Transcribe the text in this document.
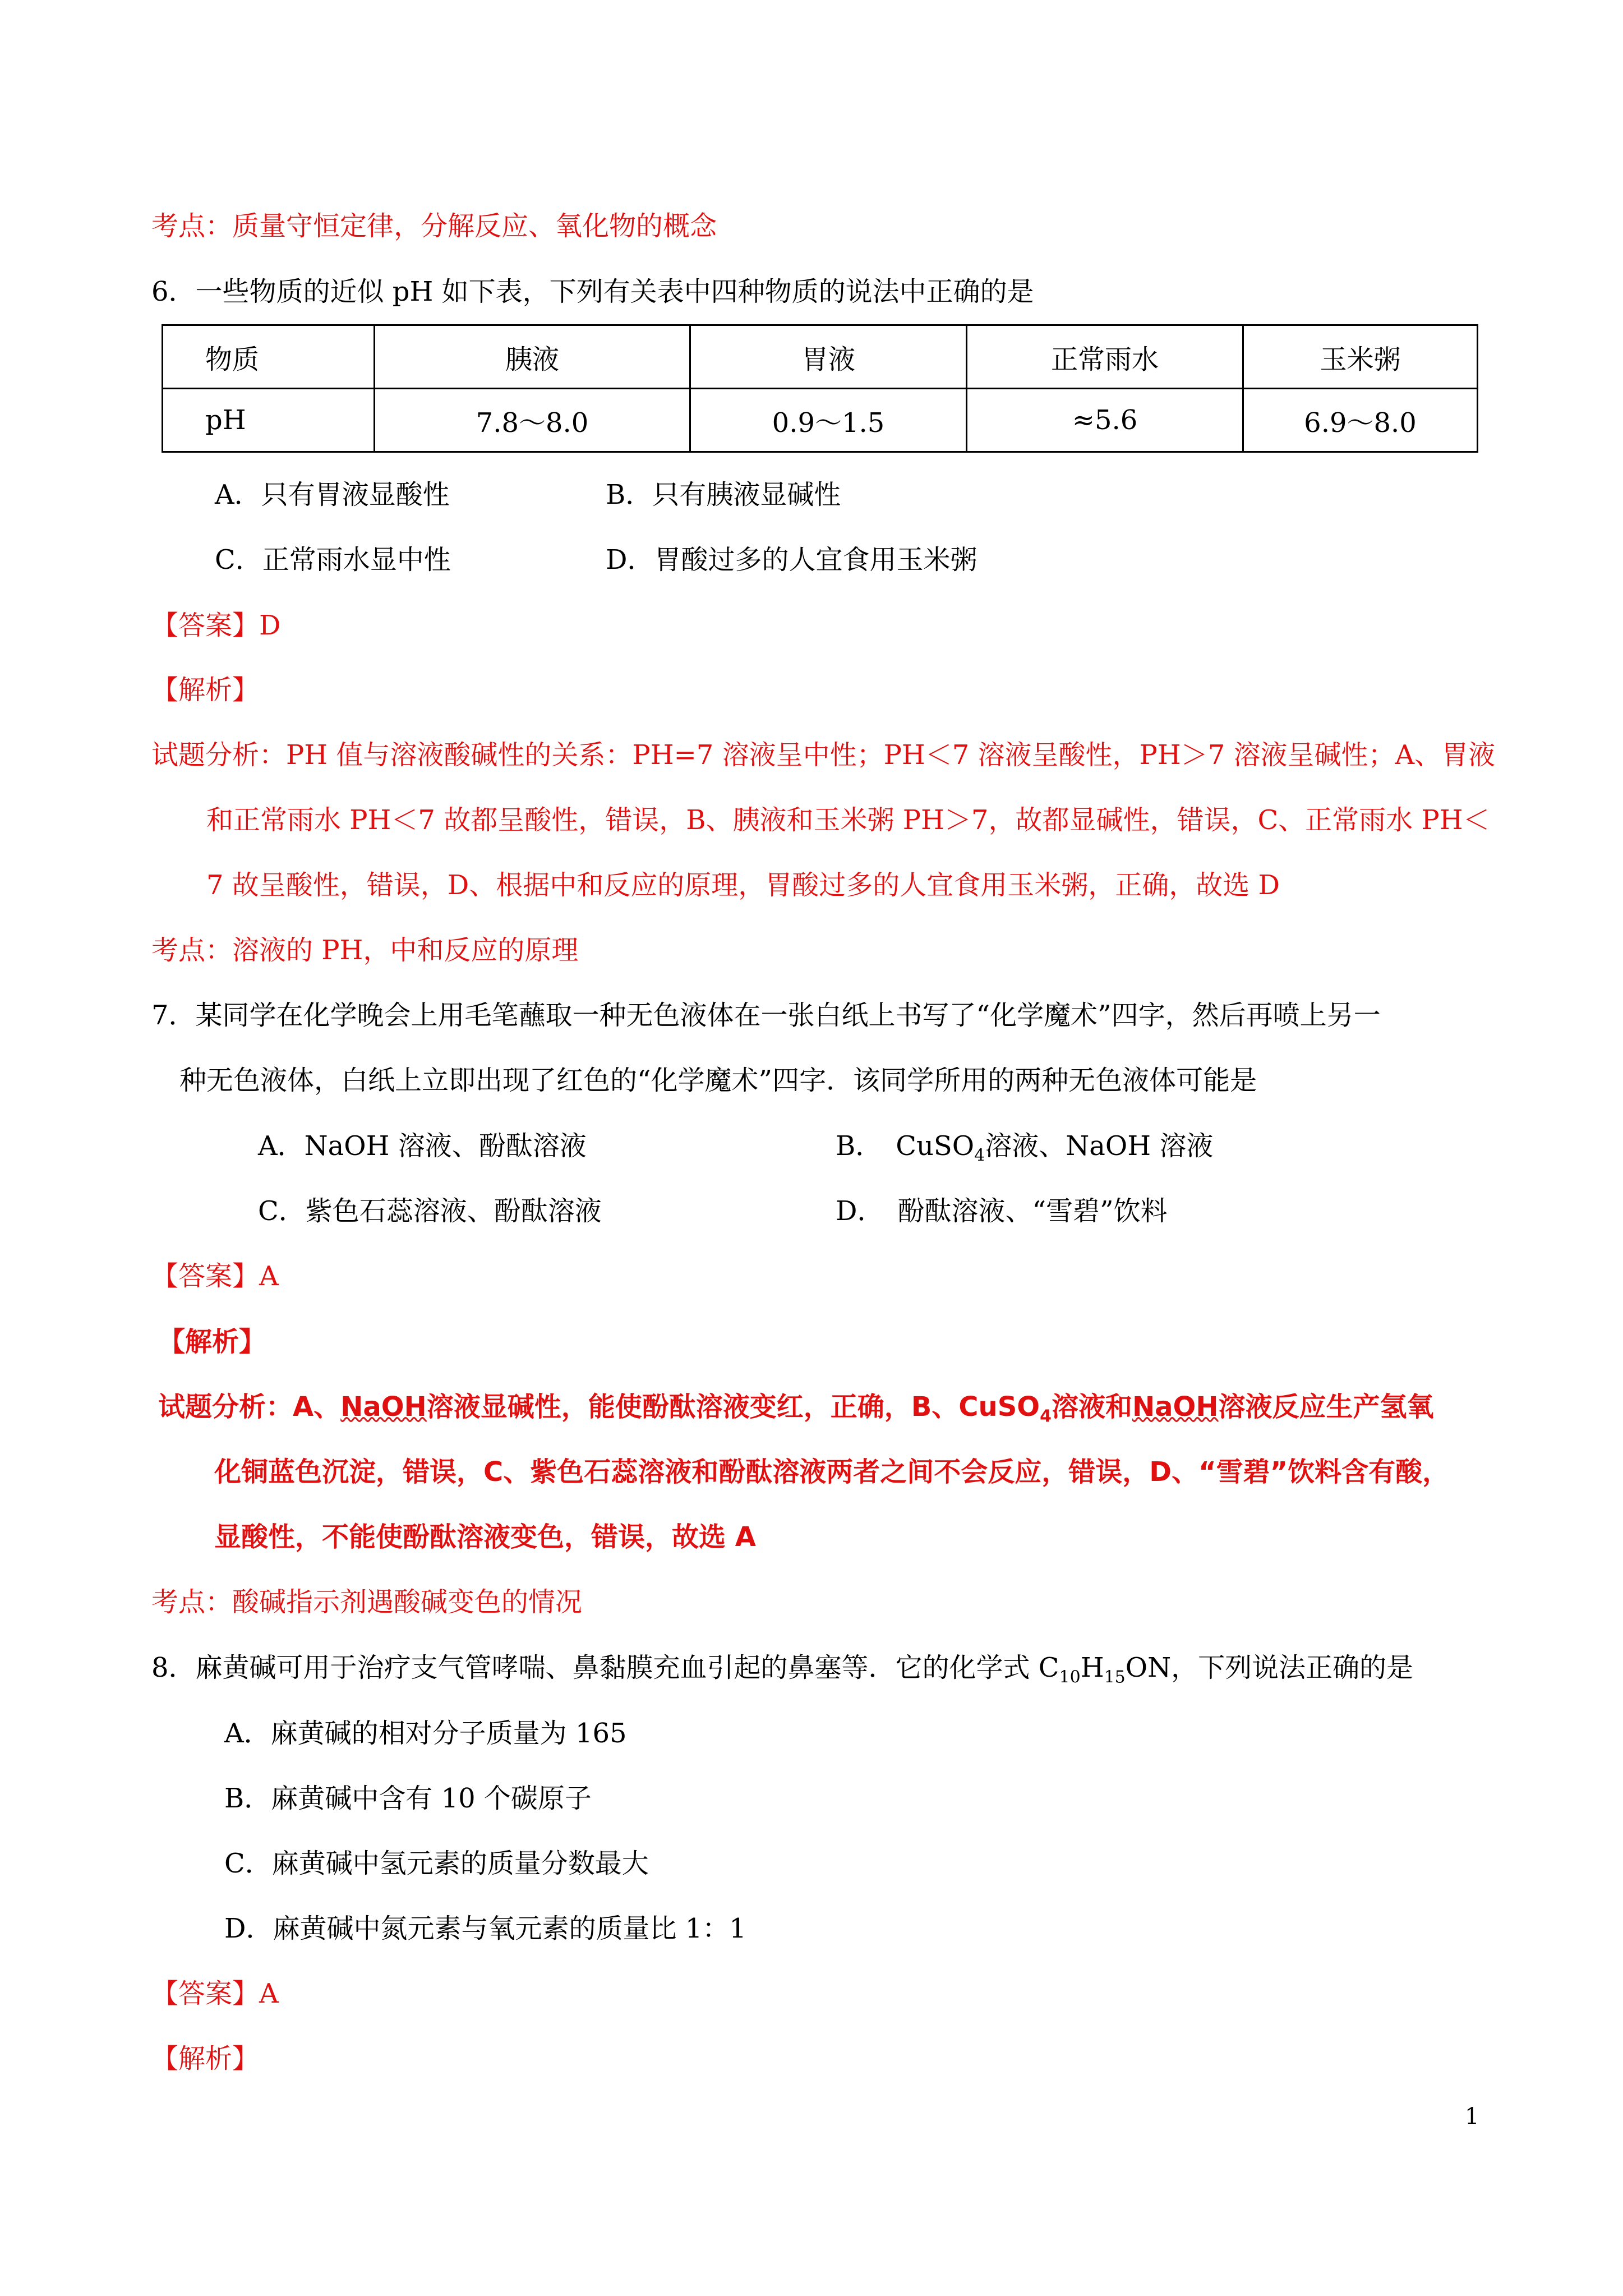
考点：质量守恒定律，分解反应、氧化物的概念
6．一些物质的近似 pH 如下表，下列有关表中四种物质的说法中正确的是
物质	胰液	胃液	正常雨水	玉米粥
pH	7.8～8.0	0.9～1.5	≈5.6	6.9～8.0
A．只有胃液显酸性	B．只有胰液显碱性
C．正常雨水显中性	D．胃酸过多的人宜食用玉米粥
【答案】D
【解析】
试题分析：PH 值与溶液酸碱性的关系：PH=7 溶液呈中性；PH＜7 溶液呈酸性，PH＞7 溶液呈碱性；A、胃液
和正常雨水 PH＜7 故都呈酸性，错误，B、胰液和玉米粥 PH＞7，故都显碱性，错误，C、正常雨水 PH＜
7 故呈酸性，错误，D、根据中和反应的原理，胃酸过多的人宜食用玉米粥，正确，故选 D
考点：溶液的 PH，中和反应的原理
7．某同学在化学晚会上用毛笔蘸取一种无色液体在一张白纸上书写了“化学魔术”四字，然后再喷上另一
种无色液体，白纸上立即出现了红色的“化学魔术”四字．该同学所用的两种无色液体可能是
A．NaOH 溶液、酚酞溶液	B．　CuSO$_4$溶液、NaOH 溶液
C．紫色石蕊溶液、酚酞溶液	D．　酚酞溶液、“雪碧”饮料
【答案】A
【解析】
试题分析：A、NaOH溶液显碱性，能使酚酞溶液变红，正确，B、CuSO$_4$溶液和NaOH溶液反应生产氢氧
化铜蓝色沉淀，错误，C、紫色石蕊溶液和酚酞溶液两者之间不会反应，错误，D、“雪碧”饮料含有酸，
显酸性，不能使酚酞溶液变色，错误，故选 A
考点：酸碱指示剂遇酸碱变色的情况
8．麻黄碱可用于治疗支气管哮喘、鼻黏膜充血引起的鼻塞等．它的化学式 $C_{10}H_{15}ON$，下列说法正确的是
A．麻黄碱的相对分子质量为 165
B．麻黄碱中含有 10 个碳原子
C．麻黄碱中氢元素的质量分数最大
D．麻黄碱中氮元素与氧元素的质量比 1：1
【答案】A
【解析】
1
